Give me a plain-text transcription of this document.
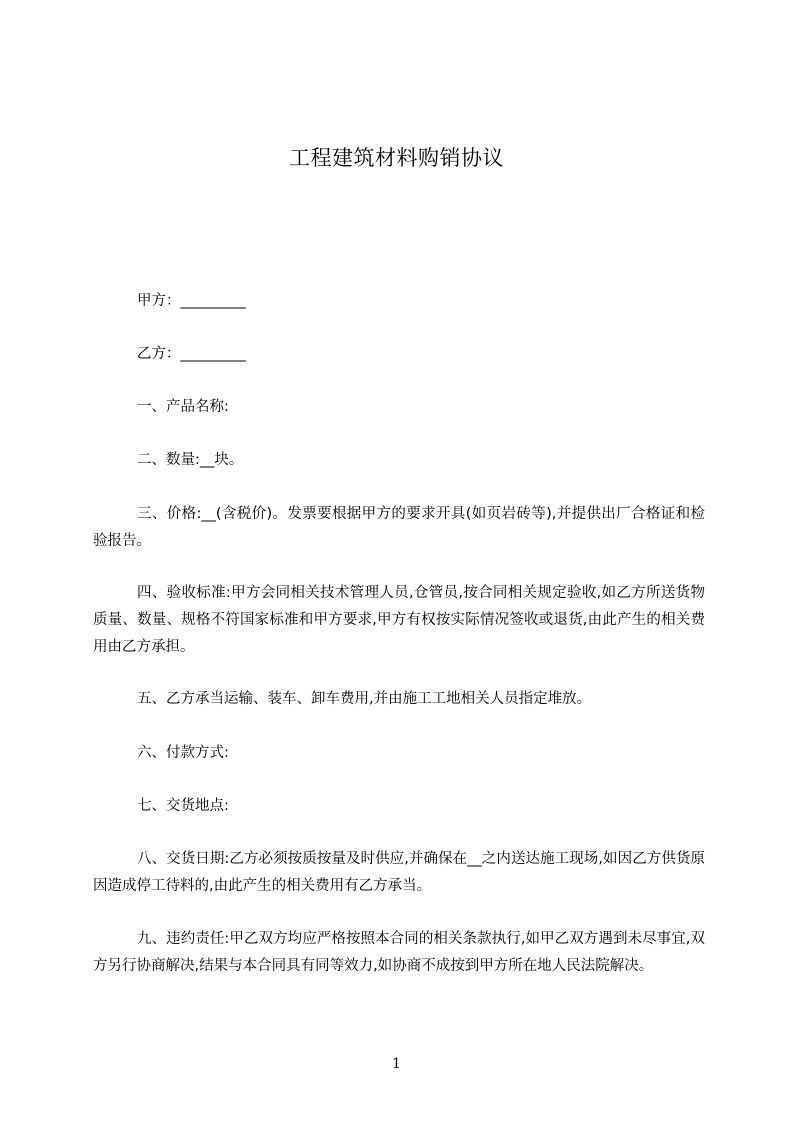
工程建筑材料购销协议
甲方：_________
乙方：_________
一、产品名称:
二、数量:__块。
三、价格:__(含税价)。发票要根据甲方的要求开具(如页岩砖等),并提供出厂合格证和检验报告。
四、验收标准:甲方会同相关技术管理人员,仓管员,按合同相关规定验收,如乙方所送货物质量、数量、规格不符国家标准和甲方要求,甲方有权按实际情况签收或退货,由此产生的相关费用由乙方承担。
五、乙方承当运输、装车、卸车费用,并由施工工地相关人员指定堆放。
六、付款方式:
七、交货地点:
八、交货日期:乙方必须按质按量及时供应,并确保在__之内送达施工现场,如因乙方供货原因造成停工待料的,由此产生的相关费用有乙方承当。
九、违约责任:甲乙双方均应严格按照本合同的相关条款执行,如甲乙双方遇到未尽事宜,双方另行协商解决,结果与本合同具有同等效力,如协商不成按到甲方所在地人民法院解决。
1
